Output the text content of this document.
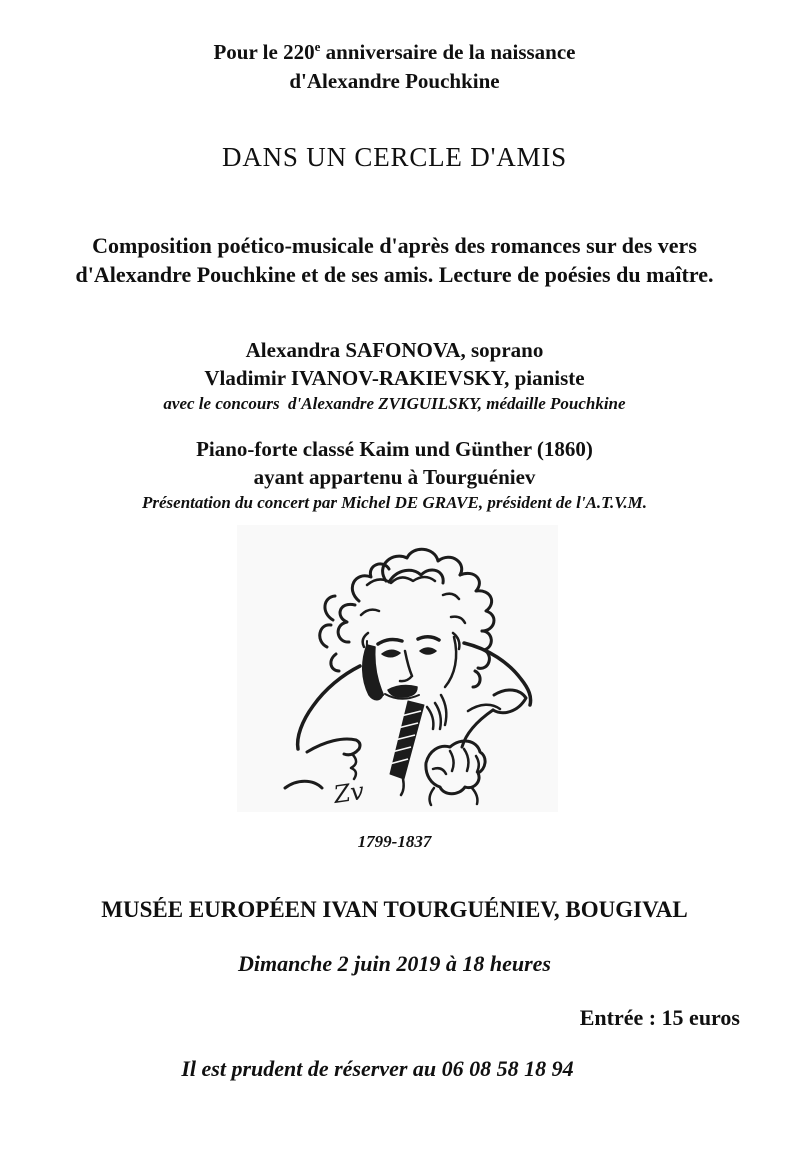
Pour le 220e anniversaire de la naissance
d'Alexandre Pouchkine
DANS UN CERCLE D'AMIS
Composition poético-musicale d'après des romances sur des vers
d'Alexandre Pouchkine et de ses amis. Lecture de poésies du maître.
Alexandra SAFONOVA, soprano
Vladimir IVANOV-RAKIEVSKY, pianiste
avec le concours  d'Alexandre ZVIGUILSKY, médaille Pouchkine
Piano-forte classé Kaim und Günther (1860)
ayant appartenu à Tourguéniev
Présentation du concert par Michel DE GRAVE, président de l'A.T.V.M.
Zv
1799-1837
MUSÉE EUROPÉEN IVAN TOURGUÉNIEV, BOUGIVAL
Dimanche 2 juin 2019 à 18 heures
Entrée : 15 euros
Il est prudent de réserver au 06 08 58 18 94
